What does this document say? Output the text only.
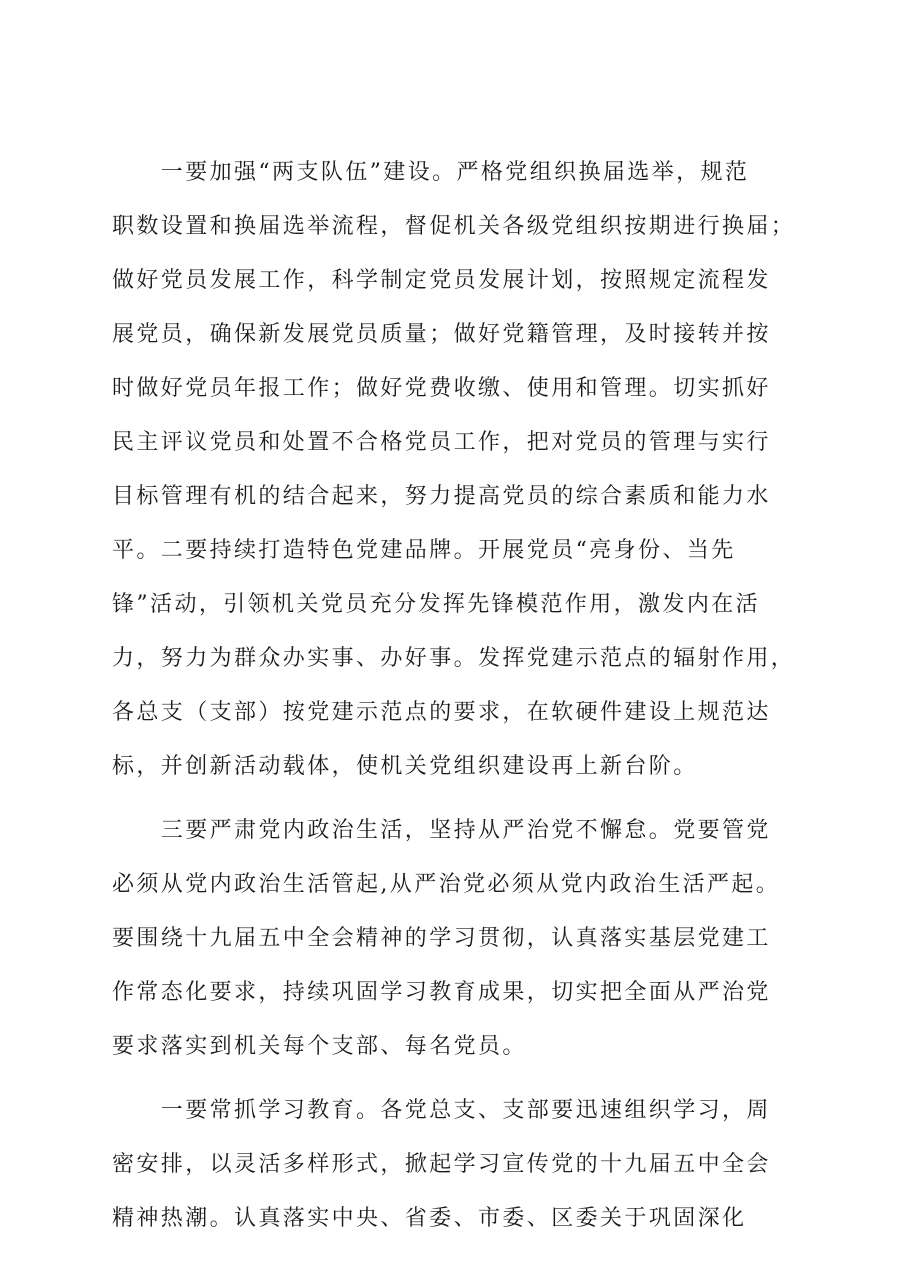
　　一要加强“两支队伍”建设。严格党组织换届选举，规范
职数设置和换届选举流程，督促机关各级党组织按期进行换届；
做好党员发展工作，科学制定党员发展计划，按照规定流程发
展党员，确保新发展党员质量；做好党籍管理，及时接转并按
时做好党员年报工作；做好党费收缴、使用和管理。切实抓好
民主评议党员和处置不合格党员工作，把对党员的管理与实行
目标管理有机的结合起来，努力提高党员的综合素质和能力水
平。二要持续打造特色党建品牌。开展党员“亮身份、当先
锋”活动，引领机关党员充分发挥先锋模范作用，激发内在活
力，努力为群众办实事、办好事。发挥党建示范点的辐射作用，
各总支（支部）按党建示范点的要求，在软硬件建设上规范达
标，并创新活动载体，使机关党组织建设再上新台阶。
　　三要严肃党内政治生活，坚持从严治党不懈怠。党要管党
必须从党内政治生活管起,从严治党必须从党内政治生活严起。
要围绕十九届五中全会精神的学习贯彻，认真落实基层党建工
作常态化要求，持续巩固学习教育成果，切实把全面从严治党
要求落实到机关每个支部、每名党员。
　　一要常抓学习教育。各党总支、支部要迅速组织学习，周
密安排，以灵活多样形式，掀起学习宣传党的十九届五中全会
精神热潮。认真落实中央、省委、市委、区委关于巩固深化
